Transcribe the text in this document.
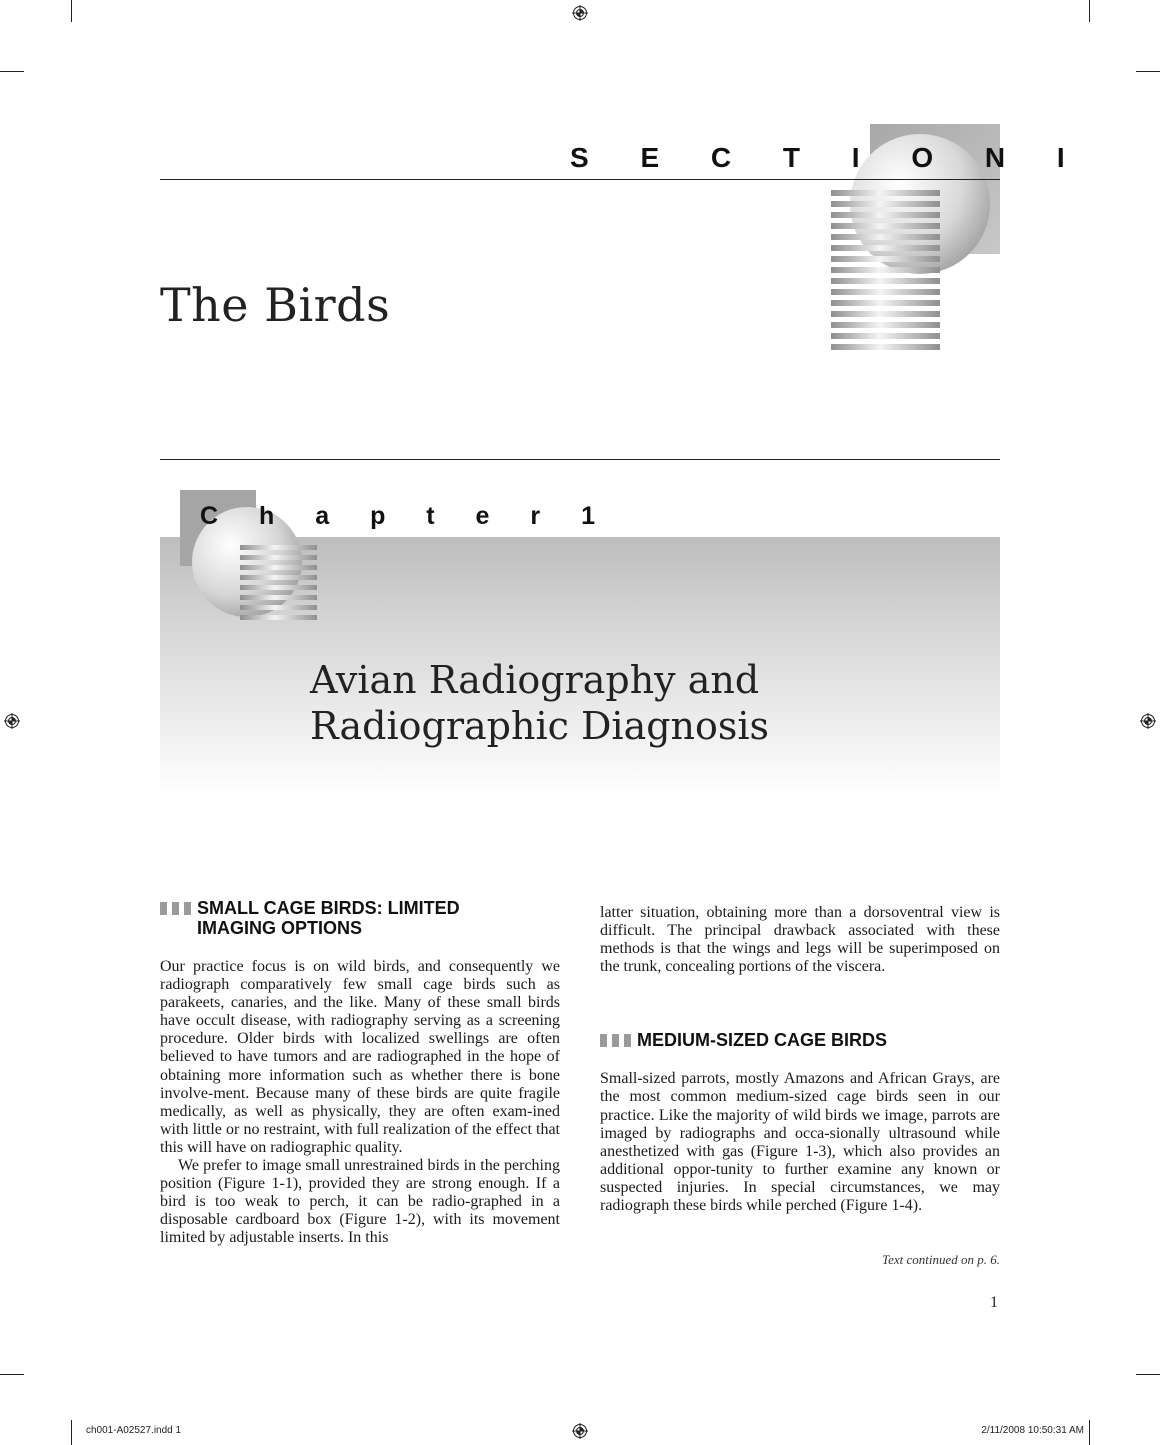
S E C T I O N I
The Birds
C h a p t e r 1
Avian Radiography and
Radiographic Diagnosis
SMALL CAGE BIRDS: LIMITED
IMAGING OPTIONS

Our practice focus is on wild birds, and consequently we radiograph comparatively few small cage birds such as parakeets, canaries, and the like. Many of these small birds have occult disease, with radiography serving as a screening procedure. Older birds with localized swellings are often believed to have tumors and are radiographed in the hope of obtaining more information such as whether there is bone involve-ment. Because many of these birds are quite fragile medically, as well as physically, they are often exam-ined with little or no restraint, with full realization of the effect that this will have on radiographic quality.

We prefer to image small unrestrained birds in the perching position (Figure 1-1), provided they are strong enough. If a bird is too weak to perch, it can be radio-graphed in a disposable cardboard box (Figure 1-2), with its movement limited by adjustable inserts. In this

latter situation, obtaining more than a dorsoventral view is difficult. The principal drawback associated with these methods is that the wings and legs will be superimposed on the trunk, concealing portions of the viscera.

MEDIUM-SIZED CAGE BIRDS

Small-sized parrots, mostly Amazons and African Grays, are the most common medium-sized cage birds seen in our practice. Like the majority of wild birds we image, parrots are imaged by radiographs and occa-sionally ultrasound while anesthetized with gas (Figure 1-3), which also provides an additional oppor-tunity to further examine any known or suspected injuries. In special circumstances, we may radiograph these birds while perched (Figure 1-4).

Text continued on p. 6.
1
ch001-A02527.indd 1	2/11/2008 10:50:31 AM
